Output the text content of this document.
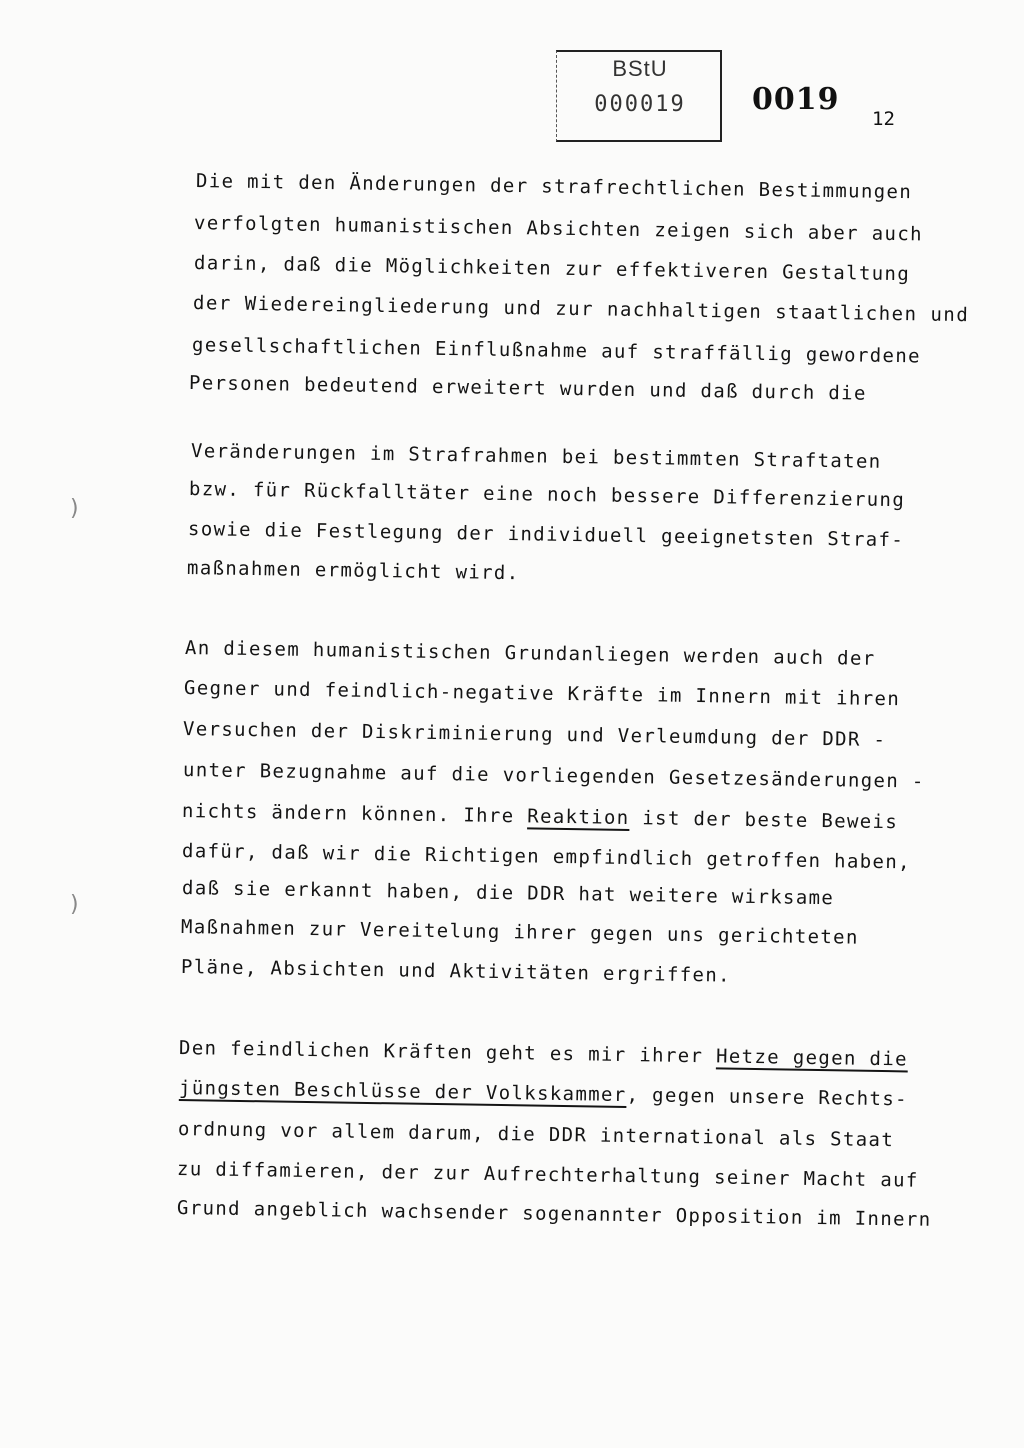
BStU
000019	0019
12
Die mit den Änderungen der strafrechtlichen Bestimmungen
verfolgten humanistischen Absichten zeigen sich aber auch
darin, daß die Möglichkeiten zur effektiveren Gestaltung
der Wiedereingliederung und zur nachhaltigen staatlichen und
gesellschaftlichen Einflußnahme auf straffällig gewordene
Personen bedeutend erweitert wurden und daß durch die
Veränderungen im Strafrahmen bei bestimmten Straftaten
bzw. für Rückfalltäter eine noch bessere Differenzierung
sowie die Festlegung der individuell geeignetsten Straf-
maßnahmen ermöglicht wird.
An diesem humanistischen Grundanliegen werden auch der
Gegner und feindlich-negative Kräfte im Innern mit ihren
Versuchen der Diskriminierung und Verleumdung der DDR -
unter Bezugnahme auf die vorliegenden Gesetzesänderungen -
nichts ändern können. Ihre Reaktion ist der beste Beweis
dafür, daß wir die Richtigen empfindlich getroffen haben,
daß sie erkannt haben, die DDR hat weitere wirksame
Maßnahmen zur Vereitelung ihrer gegen uns gerichteten
Pläne, Absichten und Aktivitäten ergriffen.
Den feindlichen Kräften geht es mir ihrer Hetze gegen die
jüngsten Beschlüsse der Volkskammer, gegen unsere Rechts-
ordnung vor allem darum, die DDR international als Staat
zu diffamieren, der zur Aufrechterhaltung seiner Macht auf
Grund angeblich wachsender sogenannter Opposition im Innern
)
)
